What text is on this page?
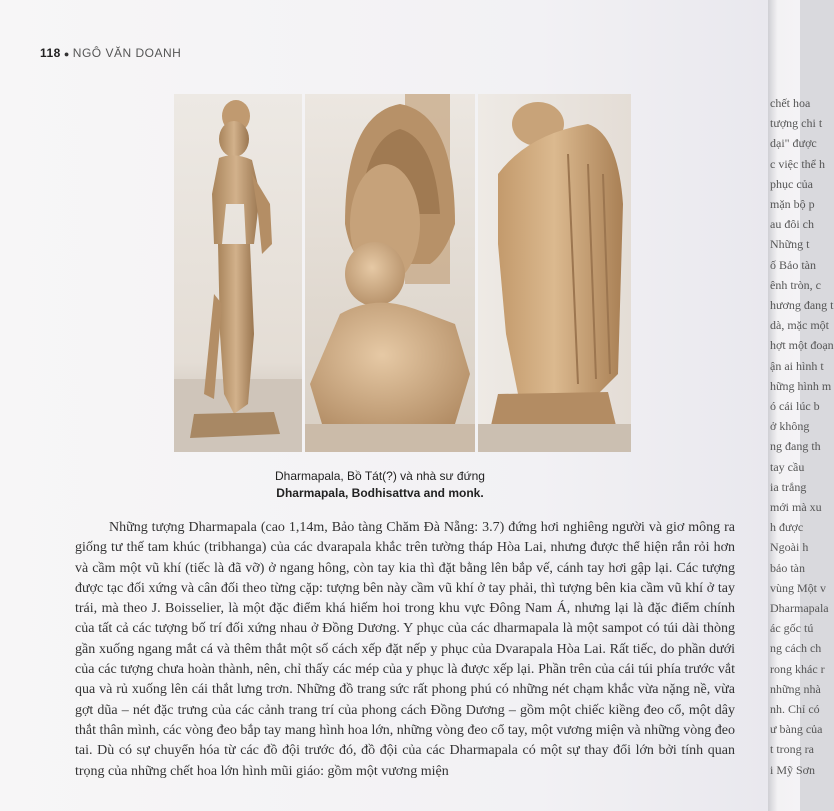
118 ● NGÔ VĂN DOANH
Dharmapala, Bồ Tát(?) và nhà sư đứng
Dharmapala, Bodhisattva and monk.

Những tượng Dharmapala (cao 1,14m, Bảo tàng Chăm Đà Nẵng: 3.7) đứng hơi nghiêng người và giơ mông ra giống tư thế tam khúc (tribhanga) của các dvarapala khắc trên tường tháp Hòa Lai, nhưng được thể hiện rắn rỏi hơn và cầm một vũ khí (tiếc là đã vỡ) ở ngang hông, còn tay kia thì đặt bằng lên bắp vế, cánh tay hơi gập lại. Các tượng được tạc đối xứng và cân đối theo từng cặp: tượng bên này cầm vũ khí ở tay phải, thì tượng bên kia cầm vũ khí ở tay trái, mà theo J. Boisselier, là một đặc điểm khá hiếm hoi trong khu vực Đông Nam Á, nhưng lại là đặc điểm chính của tất cả các tượng bố trí đối xứng nhau ở Đồng Dương. Y phục của các dharmapala là một sampot có túi dài thòng gần xuống ngang mắt cá và thêm thắt một số cách xếp đặt nếp y phục của Dvarapala Hòa Lai. Rất tiếc, do phần dưới của các tượng chưa hoàn thành, nên, chỉ thấy các mép của y phục là được xếp lại. Phần trên của cái túi phía trước vắt qua và rủ xuống lên cái thắt lưng trơn. Những đồ trang sức rất phong phú có những nét chạm khắc vừa nặng nề, vừa gợt dũa – nét đặc trưng của các cảnh trang trí của phong cách Đồng Dương – gồm một chiếc kiềng đeo cổ, một dây thắt thân mình, các vòng đeo bắp tay mang hình hoa lớn, những vòng đeo cổ tay, một vương miện và những vòng đeo tai. Dù có sự chuyển hóa từ các đồ đội trước đó, đồ đội của các Dharmapala có một sự thay đổi lớn bởi tính quan trọng của những chết hoa lớn hình mũi giáo: gồm một vương miện

chết hoa
tượng chi t
dại" được
c việc thể h
phục của
mặn bộ p
au đôi ch
Những t
ố Bảo tàn
ênh tròn, c
hương đang t
dà, mặc một
hợt một đoạn
ận ai hình t
hững hình m
ó cái lúc b
ở không
ng đang th
tay cầu
ia trắng
mới mà xu
h được
Ngoài h
bảo tàn
vùng Một v
Dharmapala
ác gốc tú
ng cách ch
rong khác r
những nhà
nh. Chỉ có
ư bàng của
t trong ra
i Mỹ Sơn
